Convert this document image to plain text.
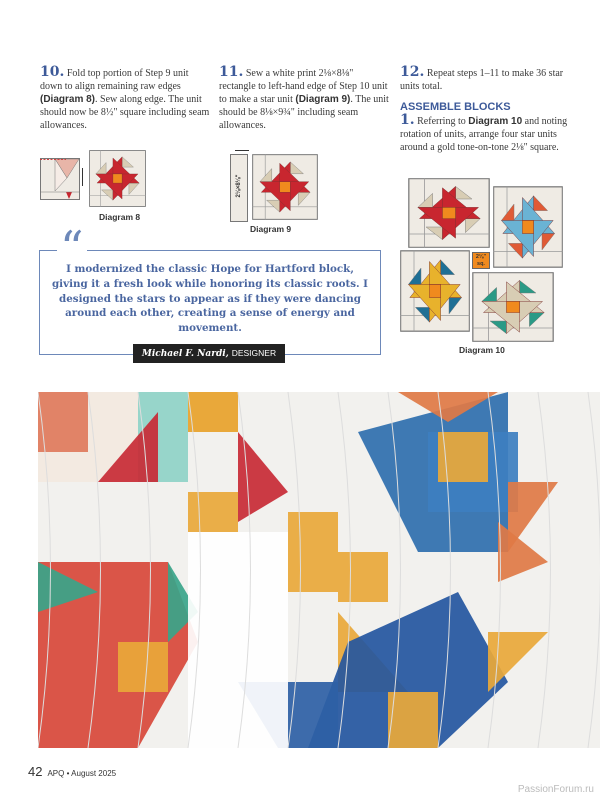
10. Fold top portion of Step 9 unit down to align remaining raw edges (Diagram 8). Sew along edge. The unit should now be 8½" square including seam allowances.
11. Sew a white print 2⅛×8⅛" rectangle to left-hand edge of Step 10 unit to make a star unit (Diagram 9). The unit should be 8⅛×9¾" including seam allowances.
12. Repeat steps 1–11 to make 36 star units total.
ASSEMBLE BLOCKS
1. Referring to Diagram 10 and noting rotation of units, arrange four star units around a gold tone-on-tone 2⅛" square.
Diagram 8
2⅛×8⅛"
Diagram 9
2⅛" sq.
Diagram 10
“
I modernized the classic Hope for Hartford block, giving it a fresh look while honoring its classic roots. I designed the stars to appear as if they were dancing around each other, creating a sense of energy and movement.
Michael F. Nardi, DESIGNER
42 APQ • August 2025
PassionForum.ru
